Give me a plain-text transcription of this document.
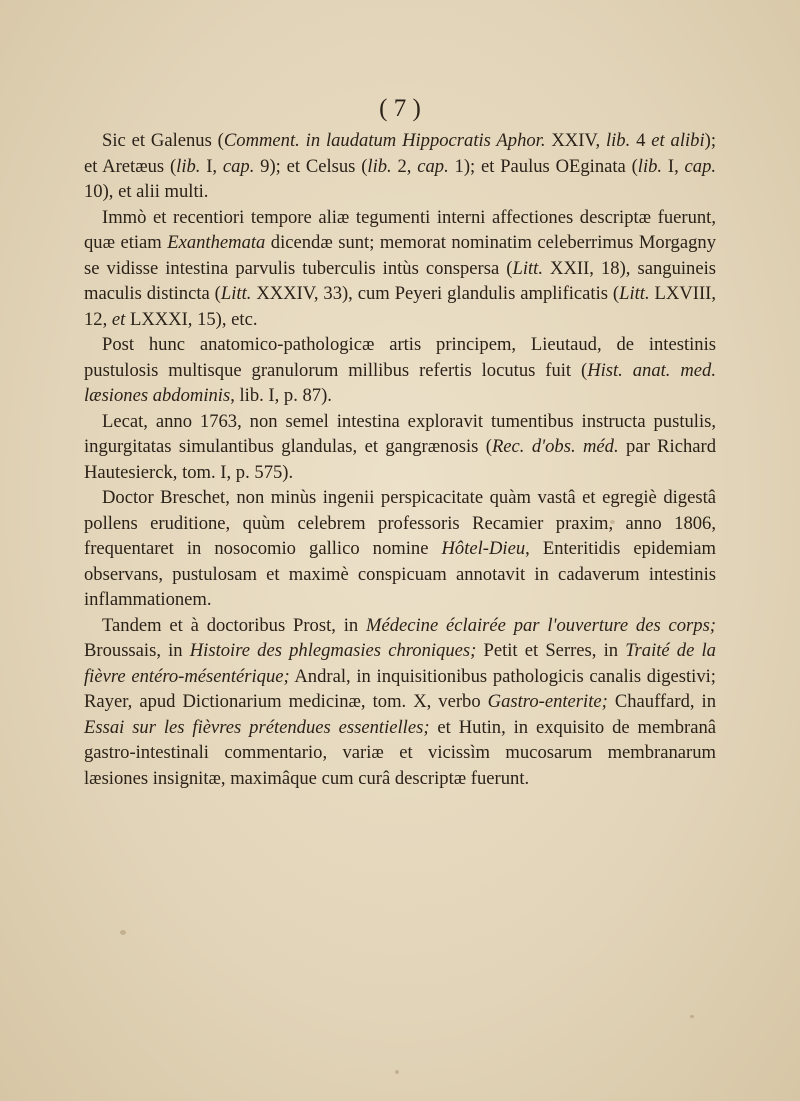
( 7 )

Sic et Galenus (Comment. in laudatum Hippocratis Aphor. XXIV, lib. 4 et alibi); et Aretæus (lib. I, cap. 9); et Celsus (lib. 2, cap. 1); et Paulus OEginata (lib. I, cap. 10), et alii multi.

Immò et recentiori tempore aliæ tegumenti interni affectiones descriptæ fuerunt, quæ etiam Exanthemata dicendæ sunt; memorat nominatim celeberrimus Morgagny se vidisse intestina parvulis tuberculis intùs conspersa (Litt. XXII, 18), sanguineis maculis distincta (Litt. XXXIV, 33), cum Peyeri glandulis amplificatis (Litt. LXVIII, 12, et LXXXI, 15), etc.

Post hunc anatomico-pathologicæ artis principem, Lieutaud, de intestinis pustulosis multisque granulorum millibus refertis locutus fuit (Hist. anat. med. læsiones abdominis, lib. I, p. 87).

Lecat, anno 1763, non semel intestina exploravit tumentibus instructa pustulis, ingurgitatas simulantibus glandulas, et gangrænosis (Rec. d'obs. méd. par Richard Hautesierck, tom. I, p. 575).

Doctor Breschet, non minùs ingenii perspicacitate quàm vastâ et egregiè digestâ pollens eruditione, quùm celebrem professoris Recamier praxim, anno 1806, frequentaret in nosocomio gallico nomine Hôtel-Dieu, Enteritidis epidemiam observans, pustulosam et maximè conspicuam annotavit in cadaverum intestinis inflammationem.

Tandem et à doctoribus Prost, in Médecine éclairée par l'ouverture des corps; Broussais, in Histoire des phlegmasies chroniques; Petit et Serres, in Traité de la fièvre entéro-mésentérique; Andral, in inquisitionibus pathologicis canalis digestivi; Rayer, apud Dictionarium medicinæ, tom. X, verbo Gastro-enterite; Chauffard, in Essai sur les fièvres prétendues essentielles; et Hutin, in exquisito de membranâ gastro-intestinali commentario, variæ et vicissìm mucosarum membranarum læsiones insignitæ, maximâque cum curâ descriptæ fuerunt.
